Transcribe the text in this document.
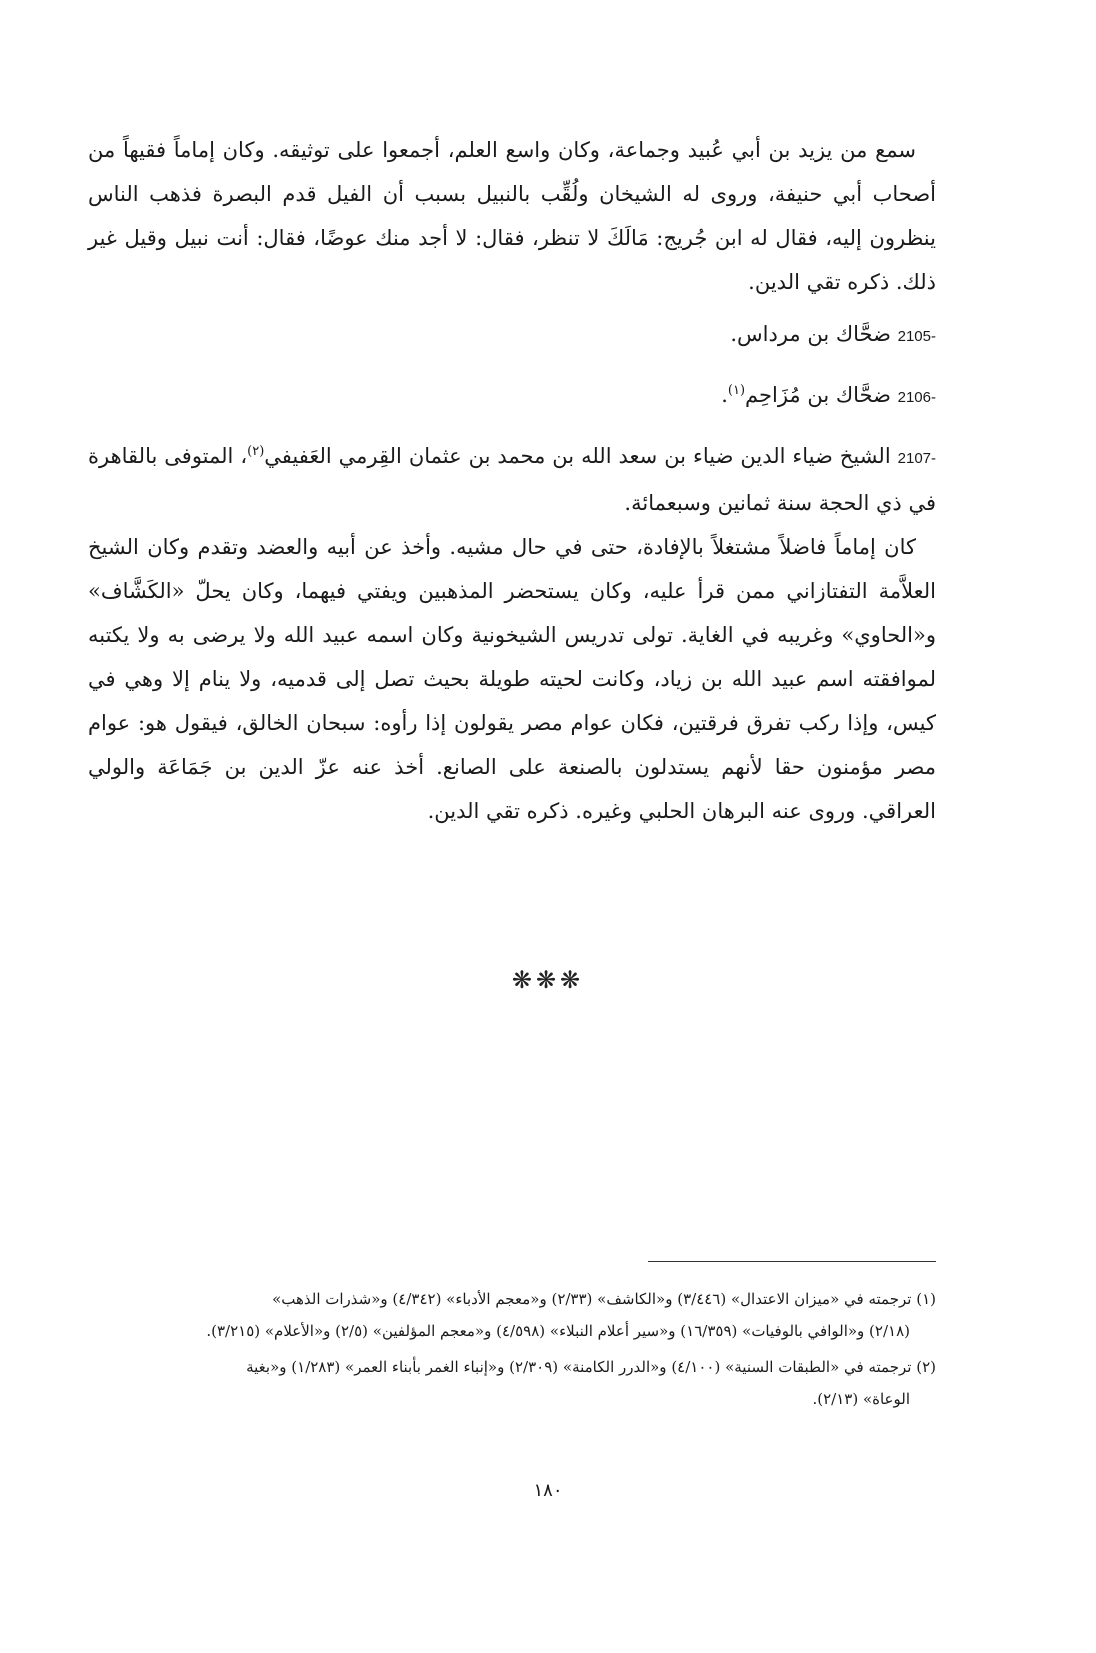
سمع من يزيد بن أبي عُبيد وجماعة، وكان واسع العلم، أجمعوا على توثيقه. وكان إماماً فقيهاً من أصحاب أبي حنيفة، وروى له الشيخان ولُقِّب بالنبيل بسبب أن الفيل قدم البصرة فذهب الناس ينظرون إليه، فقال له ابن جُريج: مَالَكَ لا تنظر، فقال: لا أجد منك عوضًا، فقال: أنت نبيل وقيل غير ذلك. ذكره تقي الدين.

2105- ضحَّاك بن مرداس.

2106- ضحَّاك بن مُزَاحِم$^{(١)}$.

2107- الشيخ ضياء الدين ضياء بن سعد الله بن محمد بن عثمان القِرمي العَفيفي$^{(٢)}$، المتوفى بالقاهرة في ذي الحجة سنة ثمانين وسبعمائة.

كان إماماً فاضلاً مشتغلاً بالإفادة، حتى في حال مشيه. وأخذ عن أبيه والعضد وتقدم وكان الشيخ العلاَّمة التفتازاني ممن قرأ عليه، وكان يستحضر المذهبين ويفتي فيهما، وكان يحلّ «الكَشَّاف» و«الحاوي» وغريبه في الغاية. تولى تدريس الشيخونية وكان اسمه عبيد الله ولا يرضى به ولا يكتبه لموافقته اسم عبيد الله بن زياد، وكانت لحيته طويلة بحيث تصل إلى قدميه، ولا ينام إلا وهي في كيس، وإذا ركب تفرق فرقتين، فكان عوام مصر يقولون إذا رأوه: سبحان الخالق، فيقول هو: عوام مصر مؤمنون حقا لأنهم يستدلون بالصنعة على الصانع. أخذ عنه عزّ الدين بن جَمَاعَة والولي العراقي. وروى عنه البرهان الحلبي وغيره. ذكره تقي الدين.

❋❋❋

(١) ترجمته في «ميزان الاعتدال» (٣/٤٤٦) و«الكاشف» (٢/٣٣) و«معجم الأدباء» (٤/٣٤٢) و«شذرات الذهب»
(٢/١٨) و«الوافي بالوفيات» (١٦/٣٥٩) و«سير أعلام النبلاء» (٤/٥٩٨) و«معجم المؤلفين» (٢/٥) و«الأعلام» (٣/٢١٥).

(٢) ترجمته في «الطبقات السنية» (٤/١٠٠) و«الدرر الكامنة» (٢/٣٠٩) و«إنباء الغمر بأبناء العمر» (١/٢٨٣) و«بغية
الوعاة» (٢/١٣).

١٨٠
